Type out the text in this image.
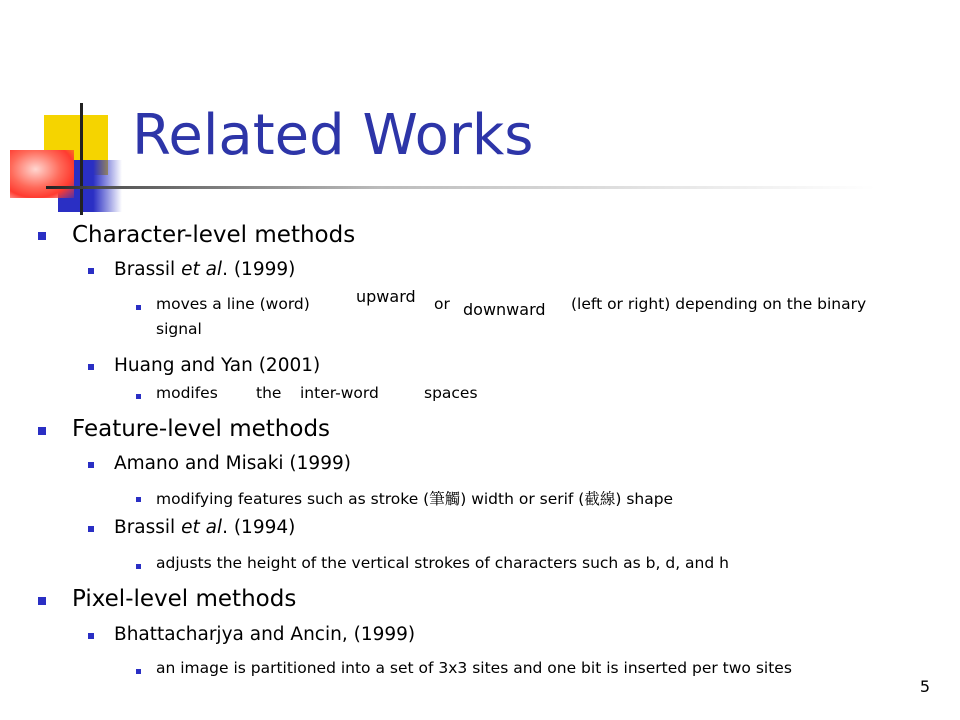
Related Works
Character-level methods
Brassil et al. (1999)
moves a line (word)	upward or downward (left or right) depending on the binary
signal
Huang and Yan (2001)
modifes the inter-word	spaces
Feature-level methods
Amano and Misaki (1999)
modifying features such as stroke (筆觸) width or serif (截線) shape
Brassil et al. (1994)
adjusts the height of the vertical strokes of characters such as b, d, and h
Pixel-level methods
Bhattacharjya and Ancin, (1999)
an image is partitioned into a set of 3x3 sites and one bit is inserted per two sites
5
